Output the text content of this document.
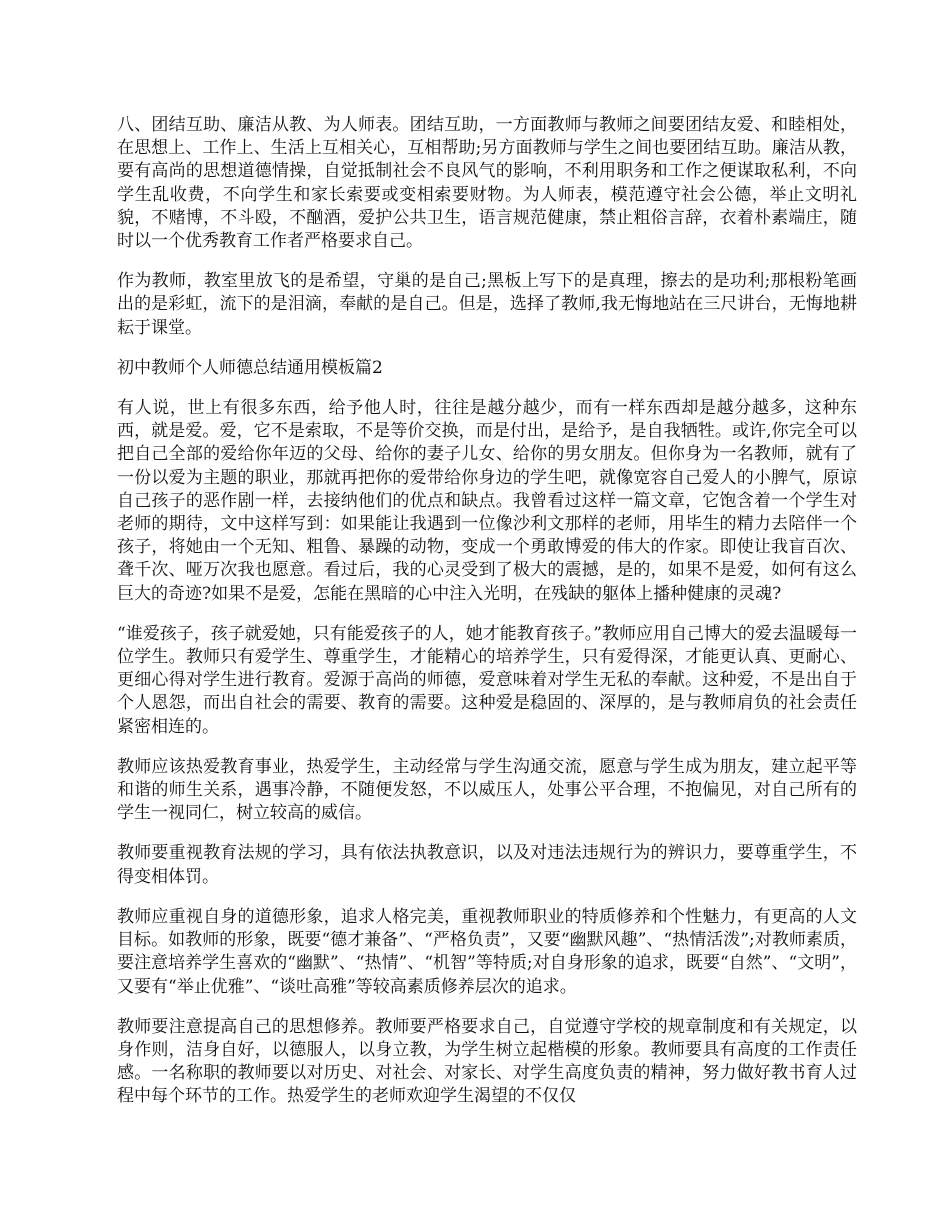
八、团结互助、廉洁从教、为人师表。团结互助，一方面教师与教师之间要团结友爱、和睦相处，在思想上、工作上、生活上互相关心，互相帮助;另方面教师与学生之间也要团结互助。廉洁从教，要有高尚的思想道德情操，自觉抵制社会不良风气的影响，不利用职务和工作之便谋取私利，不向学生乱收费，不向学生和家长索要或变相索要财物。为人师表，模范遵守社会公德，举止文明礼貌，不赌博，不斗殴，不酗酒，爱护公共卫生，语言规范健康，禁止粗俗言辞，衣着朴素端庄，随时以一个优秀教育工作者严格要求自己。

作为教师，教室里放飞的是希望，守巢的是自己;黑板上写下的是真理，擦去的是功利;那根粉笔画出的是彩虹，流下的是泪滴，奉献的是自己。但是，选择了教师,我无悔地站在三尺讲台，无悔地耕耘于课堂。

初中教师个人师德总结通用模板篇2

有人说，世上有很多东西，给予他人时，往往是越分越少，而有一样东西却是越分越多，这种东西，就是爱。爱，它不是索取，不是等价交换，而是付出，是给予，是自我牺牲。或许,你完全可以把自己全部的爱给你年迈的父母、给你的妻子儿女、给你的男女朋友。但你身为一名教师，就有了一份以爱为主题的职业，那就再把你的爱带给你身边的学生吧，就像宽容自己爱人的小脾气，原谅自己孩子的恶作剧一样，去接纳他们的优点和缺点。我曾看过这样一篇文章，它饱含着一个学生对老师的期待，文中这样写到：如果能让我遇到一位像沙利文那样的老师，用毕生的精力去陪伴一个孩子，将她由一个无知、粗鲁、暴躁的动物，变成一个勇敢博爱的伟大的作家。即使让我盲百次、聋千次、哑万次我也愿意。看过后，我的心灵受到了极大的震撼，是的，如果不是爱，如何有这么巨大的奇迹?如果不是爱，怎能在黑暗的心中注入光明，在残缺的躯体上播种健康的灵魂?

“谁爱孩子，孩子就爱她，只有能爱孩子的人，她才能教育孩子。”教师应用自己博大的爱去温暖每一位学生。教师只有爱学生、尊重学生，才能精心的培养学生，只有爱得深，才能更认真、更耐心、更细心得对学生进行教育。爱源于高尚的师德，爱意味着对学生无私的奉献。这种爱，不是出自于个人恩怨，而出自社会的需要、教育的需要。这种爱是稳固的、深厚的，是与教师肩负的社会责任紧密相连的。

教师应该热爱教育事业，热爱学生，主动经常与学生沟通交流，愿意与学生成为朋友，建立起平等和谐的师生关系，遇事冷静，不随便发怒，不以威压人，处事公平合理，不抱偏见，对自己所有的学生一视同仁，树立较高的威信。

教师要重视教育法规的学习，具有依法执教意识，以及对违法违规行为的辨识力，要尊重学生，不得变相体罚。

教师应重视自身的道德形象，追求人格完美，重视教师职业的特质修养和个性魅力，有更高的人文目标。如教师的形象，既要“德才兼备”、“严格负责”，又要“幽默风趣”、“热情活泼”;对教师素质，要注意培养学生喜欢的“幽默”、“热情”、“机智”等特质;对自身形象的追求，既要“自然”、“文明”，又要有“举止优雅”、“谈吐高雅”等较高素质修养层次的追求。

教师要注意提高自己的思想修养。教师要严格要求自己，自觉遵守学校的规章制度和有关规定，以身作则，洁身自好，以德服人，以身立教，为学生树立起楷模的形象。教师要具有高度的工作责任感。一名称职的教师要以对历史、对社会、对家长、对学生高度负责的精神，努力做好教书育人过程中每个环节的工作。热爱学生的老师欢迎学生渴望的不仅仅
